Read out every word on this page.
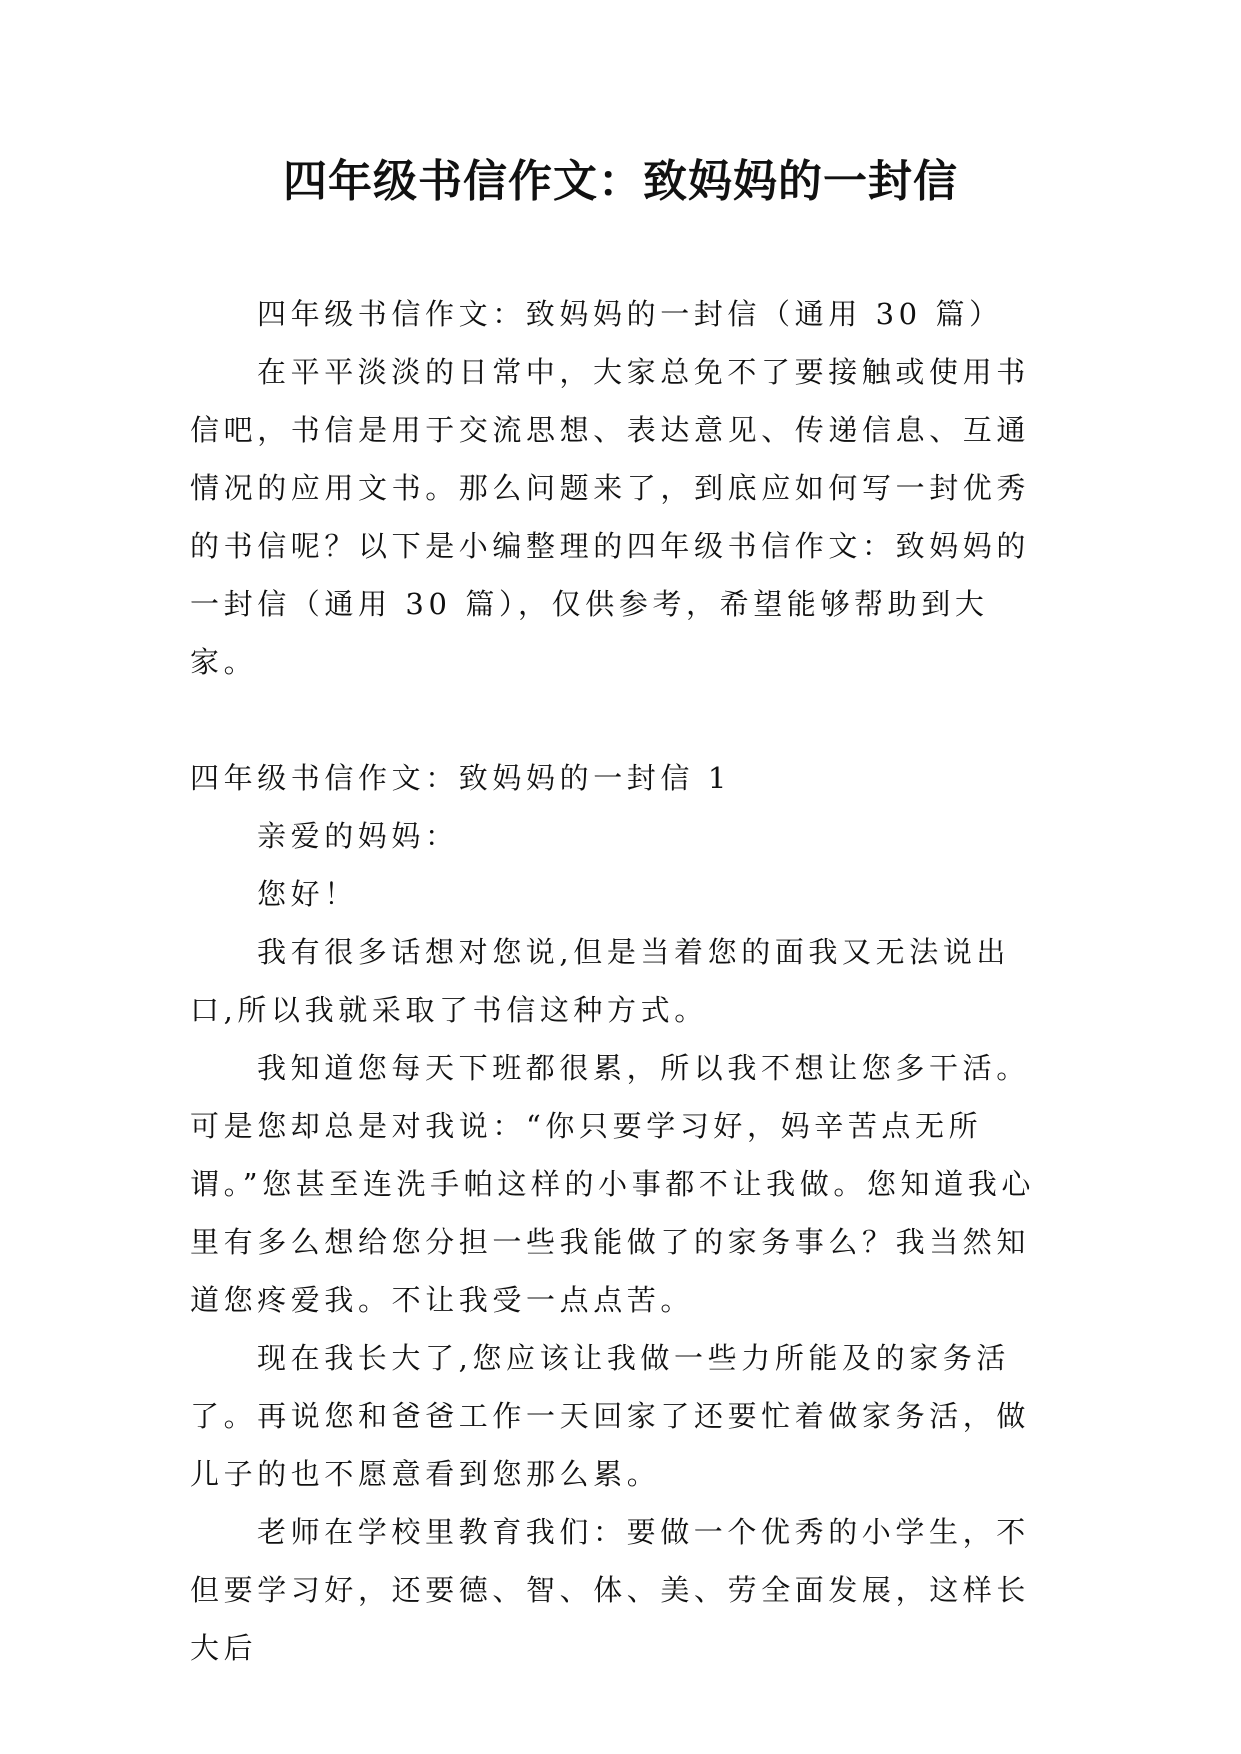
四年级书信作文：致妈妈的一封信

四年级书信作文：致妈妈的一封信（通用 30 篇）

在平平淡淡的日常中，大家总免不了要接触或使用书信吧，书信是用于交流思想、表达意见、传递信息、互通情况的应用文书。那么问题来了，到底应如何写一封优秀的书信呢？以下是小编整理的四年级书信作文：致妈妈的一封信（通用 30 篇），仅供参考，希望能够帮助到大家。

四年级书信作文：致妈妈的一封信 1

亲爱的妈妈：

您好！

我有很多话想对您说,但是当着您的面我又无法说出口,所以我就采取了书信这种方式。

我知道您每天下班都很累，所以我不想让您多干活。可是您却总是对我说：“你只要学习好，妈辛苦点无所谓。”您甚至连洗手帕这样的小事都不让我做。您知道我心里有多么想给您分担一些我能做了的家务事么？我当然知道您疼爱我。不让我受一点点苦。

现在我长大了,您应该让我做一些力所能及的家务活了。再说您和爸爸工作一天回家了还要忙着做家务活，做儿子的也不愿意看到您那么累。

老师在学校里教育我们：要做一个优秀的小学生，不但要学习好，还要德、智、体、美、劳全面发展，这样长大后
